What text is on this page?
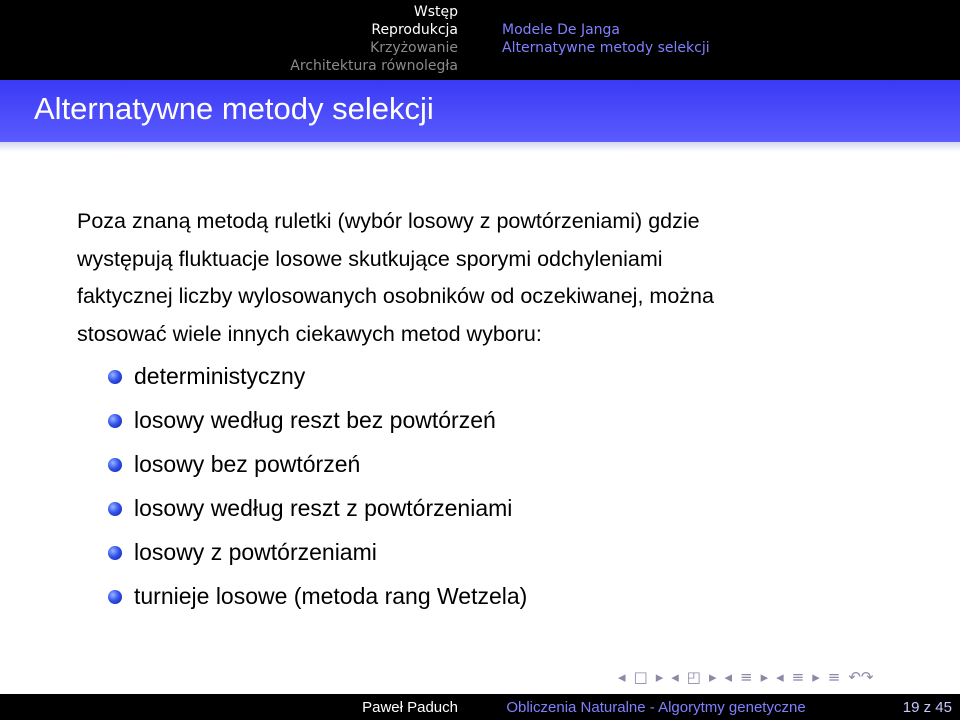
Wstęp
Reprodukcja
Krzyżowanie
Architektura równoległa
Modele De Janga
Alternatywne metody selekcji
Alternatywne metody selekcji

Poza znaną metodą ruletki (wybór losowy z powtórzeniami) gdzie

występują fluktuacje losowe skutkujące sporymi odchyleniami

faktycznej liczby wylosowanych osobników od oczekiwanej, można

stosować wiele innych ciekawych metod wyboru:

deterministyczny
losowy według reszt bez powtórzeń
losowy bez powtórzeń
losowy według reszt z powtórzeniami
losowy z powtórzeniami
turnieje losowe (metoda rang Wetzela)
◂ □ ▸ ◂ ◰ ▸ ◂ ≡ ▸ ◂ ≡ ▸ ≡ ↶↷
Paweł Paduch	Obliczenia Naturalne - Algorytmy genetyczne	19 z 45
